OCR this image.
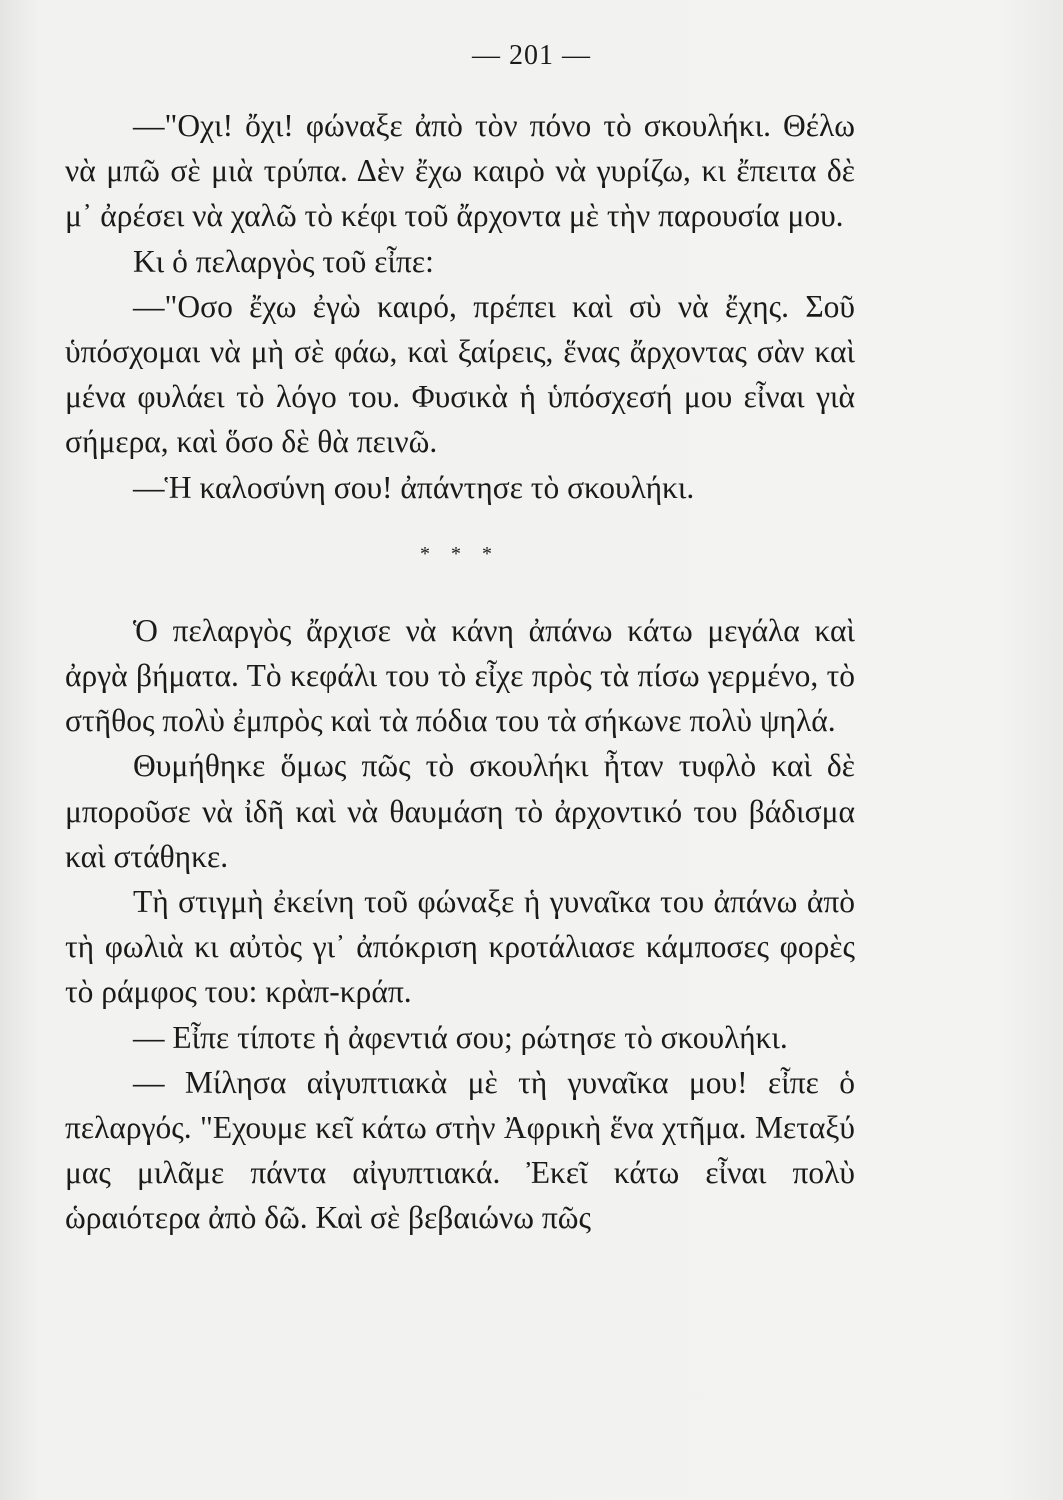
— 201 —

—"Οχι! ὄχι! φώναξε ἀπὸ τὸν πόνο τὸ σκουλήκι. Θέλω νὰ μπῶ σὲ μιὰ τρύπα. Δὲν ἔχω καιρὸ νὰ γυρίζω, κι ἔπειτα δὲ μ᾿ ἀρέσει νὰ χαλῶ τὸ κέφι τοῦ ἄρχοντα μὲ τὴν παρουσία μου.

Κι ὁ πελαργὸς τοῦ εἶπε:

—"Οσο ἔχω ἐγὼ καιρό, πρέπει καὶ σὺ νὰ ἔχης. Σοῦ ὑπόσχομαι νὰ μὴ σὲ φάω, καὶ ξαίρεις, ἕνας ἄρχοντας σὰν καὶ μένα φυλάει τὸ λόγο του. Φυσικὰ ἡ ὑπόσχεσή μου εἶναι γιὰ σήμερα, καὶ ὅσο δὲ θὰ πεινῶ.

—Ἡ καλοσύνη σου! ἀπάντησε τὸ σκουλήκι.

* * *

Ὁ πελαργὸς ἄρχισε νὰ κάνη ἀπάνω κάτω μεγάλα καὶ ἀργὰ βήματα. Τὸ κεφάλι του τὸ εἶχε πρὸς τὰ πίσω γερμένο, τὸ στῆθος πολὺ ἐμπρὸς καὶ τὰ πόδια του τὰ σήκωνε πολὺ ψηλά.

Θυμήθηκε ὅμως πῶς τὸ σκουλήκι ἦταν τυφλὸ καὶ δὲ μποροῦσε νὰ ἰδῆ καὶ νὰ θαυμάση τὸ ἀρχοντικό του βάδισμα καὶ στάθηκε.

Τὴ στιγμὴ ἐκείνη τοῦ φώναξε ἡ γυναῖκα του ἀπάνω ἀπὸ τὴ φωλιὰ κι αὐτὸς γι᾿ ἀπόκριση κροτάλιασε κάμποσες φορὲς τὸ ράμφος του: κρὰπ-κράπ.

— Εἶπε τίποτε ἡ ἀφεντιά σου; ρώτησε τὸ σκουλήκι.

— Μίλησα αἰγυπτιακὰ μὲ τὴ γυναῖκα μου! εἶπε ὁ πελαργός. "Εχουμε κεῖ κάτω στὴν Ἀφρικὴ ἕνα χτῆμα. Μεταξύ μας μιλᾶμε πάντα αἰγυπτιακά. Ἐκεῖ κάτω εἶναι πολὺ ὡραιότερα ἀπὸ δῶ. Καὶ σὲ βεβαιώνω πῶς
